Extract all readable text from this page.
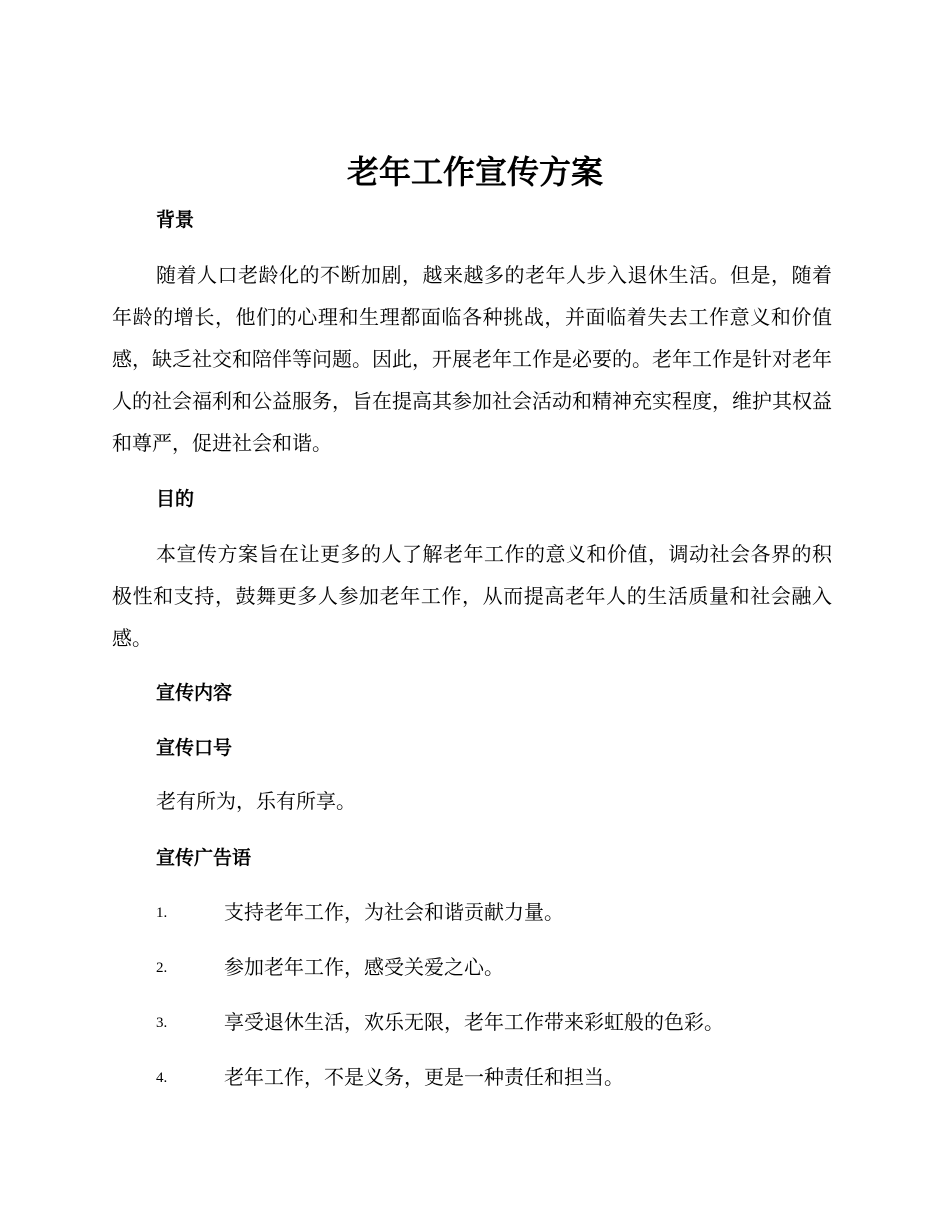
老年工作宣传方案
背景
随着人口老龄化的不断加剧，越来越多的老年人步入退休生活。但是，随着年龄的增长，他们的心理和生理都面临各种挑战，并面临着失去工作意义和价值感，缺乏社交和陪伴等问题。因此，开展老年工作是必要的。老年工作是针对老年人的社会福利和公益服务，旨在提高其参加社会活动和精神充实程度，维护其权益和尊严，促进社会和谐。
目的
本宣传方案旨在让更多的人了解老年工作的意义和价值，调动社会各界的积极性和支持，鼓舞更多人参加老年工作，从而提高老年人的生活质量和社会融入感。
宣传内容
宣传口号
老有所为，乐有所享。
宣传广告语
1.	支持老年工作，为社会和谐贡献力量。
2.	参加老年工作，感受关爱之心。
3.	享受退休生活，欢乐无限，老年工作带来彩虹般的色彩。
4.	老年工作，不是义务，更是一种责任和担当。
